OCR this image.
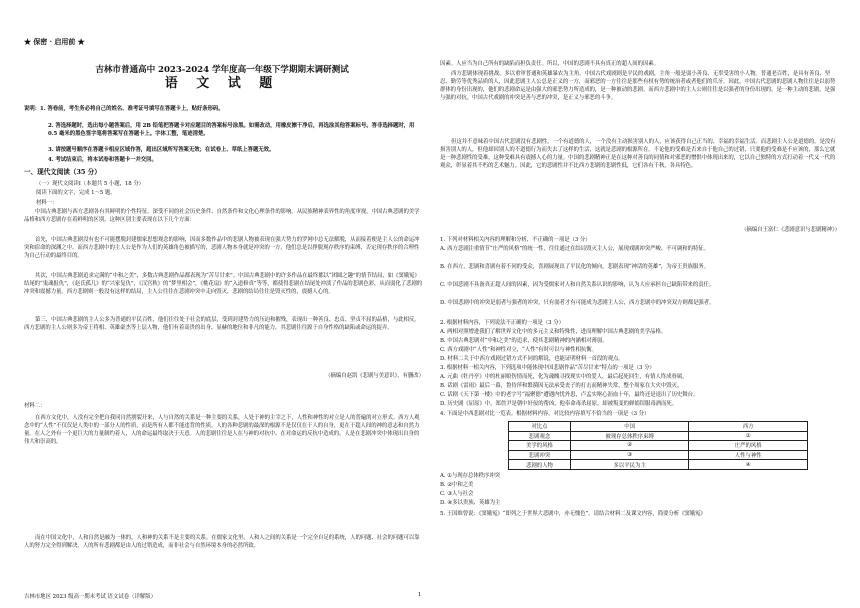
★ 保密 · 启用前 ★
吉林市普通高中 2023-2024 学年度高一年级下学期期末调研测试
语 文 试 题
说明：1. 答卷前，考生务必将自己的姓名、准考证号填写在答题卡上，贴好条形码。
2. 答选择题时，选出每小题答案后，用 2B 铅笔把答题卡对应题目的答案标号涂黑。如需改动，用橡皮擦干净后，再选涂其他答案标号。答非选择题时，用 0.5 毫米的黑色签字笔将答案写在答题卡上。字体工整，笔迹清楚。
3. 请按题号顺序在答题卡相应区域作答，超出区域所写答案无效；在试卷上、草纸上答题无效。
4. 考试结束后，将本试卷和答题卡一并交回。
一、现代文阅读（35 分）
（一）现代文阅读Ⅰ（本题共 5 小题，18 分）
阅读下面的文字，完成 1～5 题。
材料一：
中国古典悲剧与西方悲剧各有其鲜明的个性特征，深受不同的社会历史条件、自然条件和文化心理条件的影响。从民族精神表界性的角度审视，中国古典悲剧的美学品格和西方悲剧存在着鲜明的区别。这种区别主要表现在以下几个方面：
首先，中国古典悲剧没有也不可能摆脱封建儒家思想观念的影响，因而多数作品中的悲剧人物被表现在强大势力的罗网中总无法解脱，从而接着便是主人公的命运冲突和宿命的深渊之中。而西方悲剧中的主人公是作为人们的英雄角色被描写的，悲剧人物本身就是冲突的一方，他们总是以挣脱现存秩序的束缚、否定现存秩序的合理性为自己行动的最终目的。
其次，中国古典悲剧追求完满的“中和之美”，多数古典悲剧作品都表现为“苦尽甘来”。中国古典悲剧中的许多作品在最终都以“团圆之趣”的情节结局，如《窦娥冤》结尾的“鬼魂报仇”，《赵氏孤儿》的“兴家复仇”，《汉宫秋》的“梦里相会”，《桃花扇》的“入道修真”等等，都使得悲剧在结尾处冲淡了作品的悲剧色彩，从而弱化了悲剧的冲突和震撼力量。西方悲剧则一般没有这样的结局，主人公往往在悲剧冲突中走向毁灭，悲剧的结局往往是毁灭性的、震撼人心的。
第三，中国古典悲剧的主人公多为普通的平民百姓，他们往往处于社会的底层，受到封建势力的压迫和摧残，表现出一种善良、忠贞、坚贞不屈的品格，与此相反，西方悲剧的主人公则多为帝王将相、英雄豪杰等上层人物，他们有着高贵的出身、显赫的地位和非凡的能力，其悲剧往往源于自身性格的缺陷或命运的捉弄。
（摘编自赵凯《悲剧与美意识》，有删改）
材料二：
在西方文化中，人没有完全把自我同自然割裂开来，人与自然的关系是一种主要的关系，人处于神的主宰之下，人性和神性的对立是人的普遍的对立形式。西方人观念中的“人性”不仅仅是人类中的一部分人的性质，而是所有人都不能违背的性质。人的各种悲剧的最深的根源不是仅仅在于人的自身，更在于超人间的神的意志和自然力量。在人之外有一个更巨大的力量制约着人，人的命运最终取决于天意。人的悲剧往往是人在与神的对抗中、在对命运的反抗中造成的，人是在悲剧冲突中体现出自身的伟大和崇高的。
而在中国文化中，人和自然是融为一体的，人和神的关系不是主要的关系。在儒家文化里，人和人之间的关系是一个完全自足的系统，人的问题、社会的问题可以靠人的努力完全得到解决，人的所有悲剧都是由人的过错造成，而非社会与自然环境本身的必然所致。
吉林市地区 2023 级高一期末考试 语文试卷（详解版）	1
因素。人应当为自己所有的缺陷而担负责任。所以，中国的悲剧不具有真正的超人间的因素。
西方悲剧体现着挑战，多以重审普通和英雄暴农为主角，中国古代戏剧则是平民的戏剧，主角一般是弱小善良、无辜受害的小人物。普通老百姓，是具有善良、坚忍、勤劳等优秀品质的人，因此悲剧主人公总是正义的一方，而邪恶的一方往往是那些有权有势的统治者或者他们的爪牙。因此，中国古代悲剧的悲剧人物往往是以弱势群体的身份出现的，他们的悲剧命运是由强大的邪恶势力所造成的，是一种被动的悲剧。而西方悲剧中的主人公则往往是以强者的身份出现的，是一种主动的悲剧，是强与强的对抗。中国古代戏剧的冲突是善与恶的冲突，是正义与邪恶的斗争。
但这并不意味着中国古代悲剧没有悲剧性。一个有道德的人，一个没有主动损害别人的人，应该获得自己正当的、幸福的幸福生活。而悲剧主人公是道德的，是没有损害别人的人，但他却因别人的不道德行为而失去了这样的生活，这就是悲剧的根源所在。不论他的受难是否来自于他自己的过错，只要他的受难是不应该的，那么它就是一种悲剧性的受难，这种受难具有震撼人心的力量。中国的悲剧精神正是在这种对善良的同情和对邪恶的憎恨中体现出来的，它以自己独特的方式打动着一代又一代的观众，彰显着其不朽的艺术魅力。因此，它的悲剧性并不比西方悲剧的悲剧性低，它们各有千秋，各具特色。
（摘编自王富仁《悲剧意识与悲剧精神》）
1. 下列对材料相关内容的理解和分析，不正确的一项是（3 分）
A. 西方悲剧注重情节“庄严的风格”的统一性，往往通过在结局毁灭主人公，展现戏剧冲突严峻、不可调和的特征。
B. 在西方，悲剧和喜剧有着不同的受众，喜剧展现出了平民化的倾向，悲剧表现“神话的英雄”，为帝王贵族服务。
C. 中国悲剧不具备真正超人间的因素，因为受儒家对人和自然关系认识的影响，认为人应承担自己缺陷带来的责任。
D. 中国悲剧中的冲突是弱者与强者的冲突，只有弱者才有可能成为悲剧主人公，西方悲剧中的冲突双方则都是强者。
2. 根据材料内容，下列说法不正确的一项是（3 分）
A. 两相对照增进我们了解世界文化中的多元主义和特殊性，进而理解中国古典悲剧的美学品格。
B. 中国古典悲剧对“中和之美”的追求，使其悲剧精神的内涵相对薄弱。
C. 西方戏剧中“人性”和神性对立，“人性”有时可以与神性相抗衡。
D. 材料二关于中西方戏剧过错方式不同的解说，也能证明材料一首段的观点。
3. 根据材料一相关内容，下列选项中能体现中国悲剧作品“苦尽甘来”特点的一项是（3 分）
A. 元曲《牡丹亭》中的杜丽娘伤情而死，化为魂魄寻找现实中的爱人，最后起死回生，有情人终成眷属。
B. 话剧《雷雨》最后一幕，鲁侍萍和繁漪因无法承受丧子的打击而精神失常，整个周家在大火中毁灭。
C. 话剧《天下第一楼》中的老字号“福聚德”遭遇内忧外患，卢孟实呕心沥血十年，最终还是退出了历史舞台。
D. 历史剧《屈原》中，郑詹尹是朝中奸佞的帮凶，他奉命毒杀屈原，却被叛变的婵娟误服毒酒而死。
4. 下面是中西悲剧对比一览表。根据材料内容，对比较内容填写不恰当的一项是（3 分）
对比点	中国	西方
悲剧观念	被现存总体秩序束缚	①
美学的风格	②	庄严的风格
悲剧冲突	③	人性与神性
悲剧的人物	多以平民为主	④
A. ①与现存总体秩序冲突
B. ②中和之美
C. ③人与社会
D. ④多以贵族、英雄为主
5. 王国维曾说：《窦娥冤》“即列之于世界大悲剧中，亦无愧色”。请结合材料二及课文内容，简要分析《窦娥冤》
